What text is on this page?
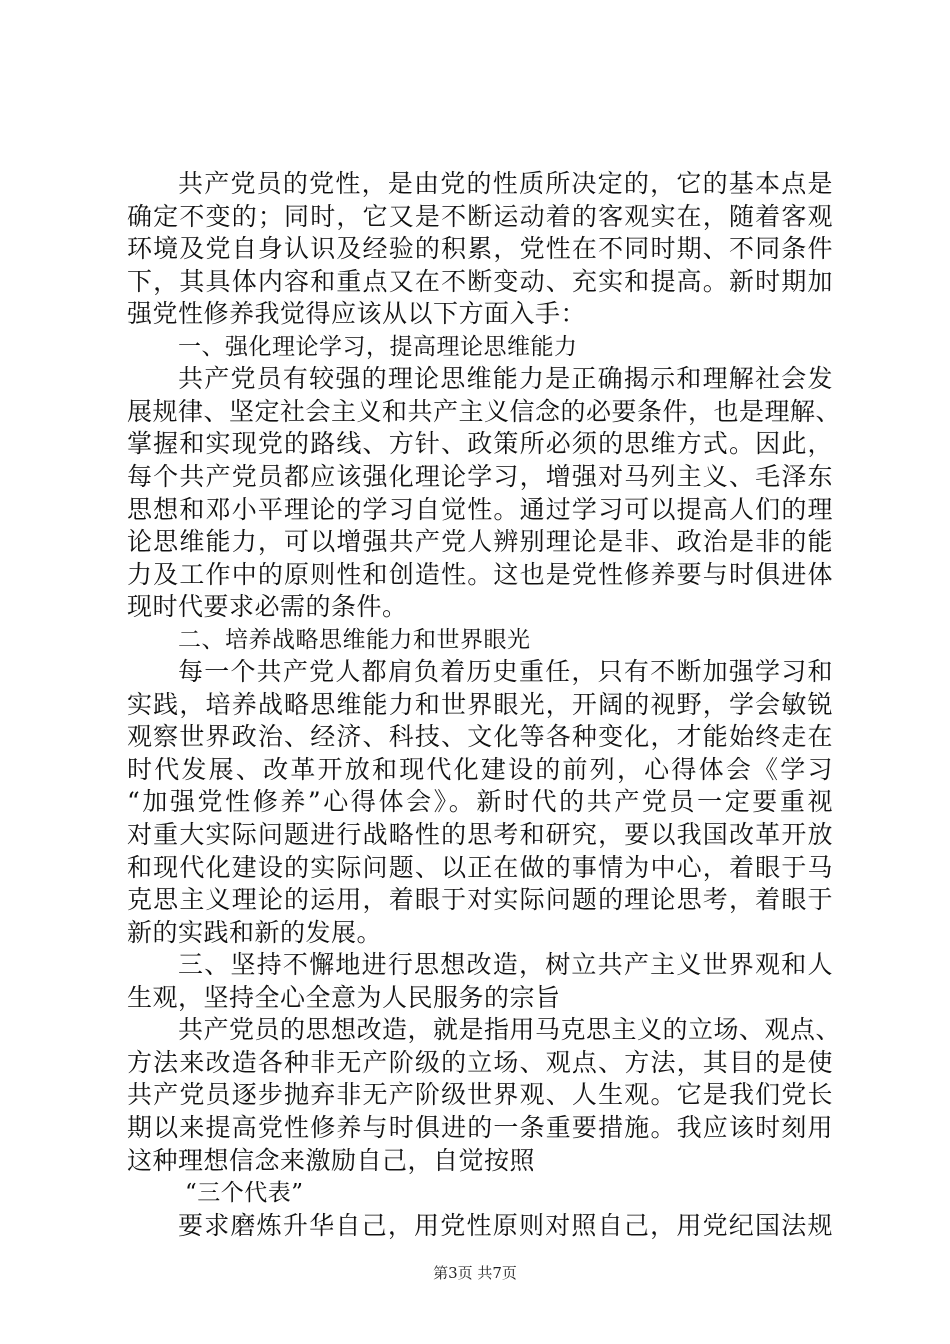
共产党员的党性，是由党的性质所决定的，它的基本点是
确定不变的；同时，它又是不断运动着的客观实在，随着客观
环境及党自身认识及经验的积累，党性在不同时期、不同条件
下，其具体内容和重点又在不断变动、充实和提高。新时期加
强党性修养我觉得应该从以下方面入手：
一、强化理论学习，提高理论思维能力
共产党员有较强的理论思维能力是正确揭示和理解社会发
展规律、坚定社会主义和共产主义信念的必要条件，也是理解、
掌握和实现党的路线、方针、政策所必须的思维方式。因此，
每个共产党员都应该强化理论学习，增强对马列主义、毛泽东
思想和邓小平理论的学习自觉性。通过学习可以提高人们的理
论思维能力，可以增强共产党人辨别理论是非、政治是非的能
力及工作中的原则性和创造性。这也是党性修养要与时俱进体
现时代要求必需的条件。
二、培养战略思维能力和世界眼光
每一个共产党人都肩负着历史重任，只有不断加强学习和
实践，培养战略思维能力和世界眼光，开阔的视野，学会敏锐
观察世界政治、经济、科技、文化等各种变化，才能始终走在
时代发展、改革开放和现代化建设的前列，心得体会《学习
“加强党性修养”心得体会》。新时代的共产党员一定要重视
对重大实际问题进行战略性的思考和研究，要以我国改革开放
和现代化建设的实际问题、以正在做的事情为中心，着眼于马
克思主义理论的运用，着眼于对实际问题的理论思考，着眼于
新的实践和新的发展。
三、坚持不懈地进行思想改造，树立共产主义世界观和人
生观，坚持全心全意为人民服务的宗旨
共产党员的思想改造，就是指用马克思主义的立场、观点、
方法来改造各种非无产阶级的立场、观点、方法，其目的是使
共产党员逐步抛弃非无产阶级世界观、人生观。它是我们党长
期以来提高党性修养与时俱进的一条重要措施。我应该时刻用
这种理想信念来激励自己，自觉按照
“三个代表”
要求磨炼升华自己，用党性原则对照自己，用党纪国法规
第3页 共7页
